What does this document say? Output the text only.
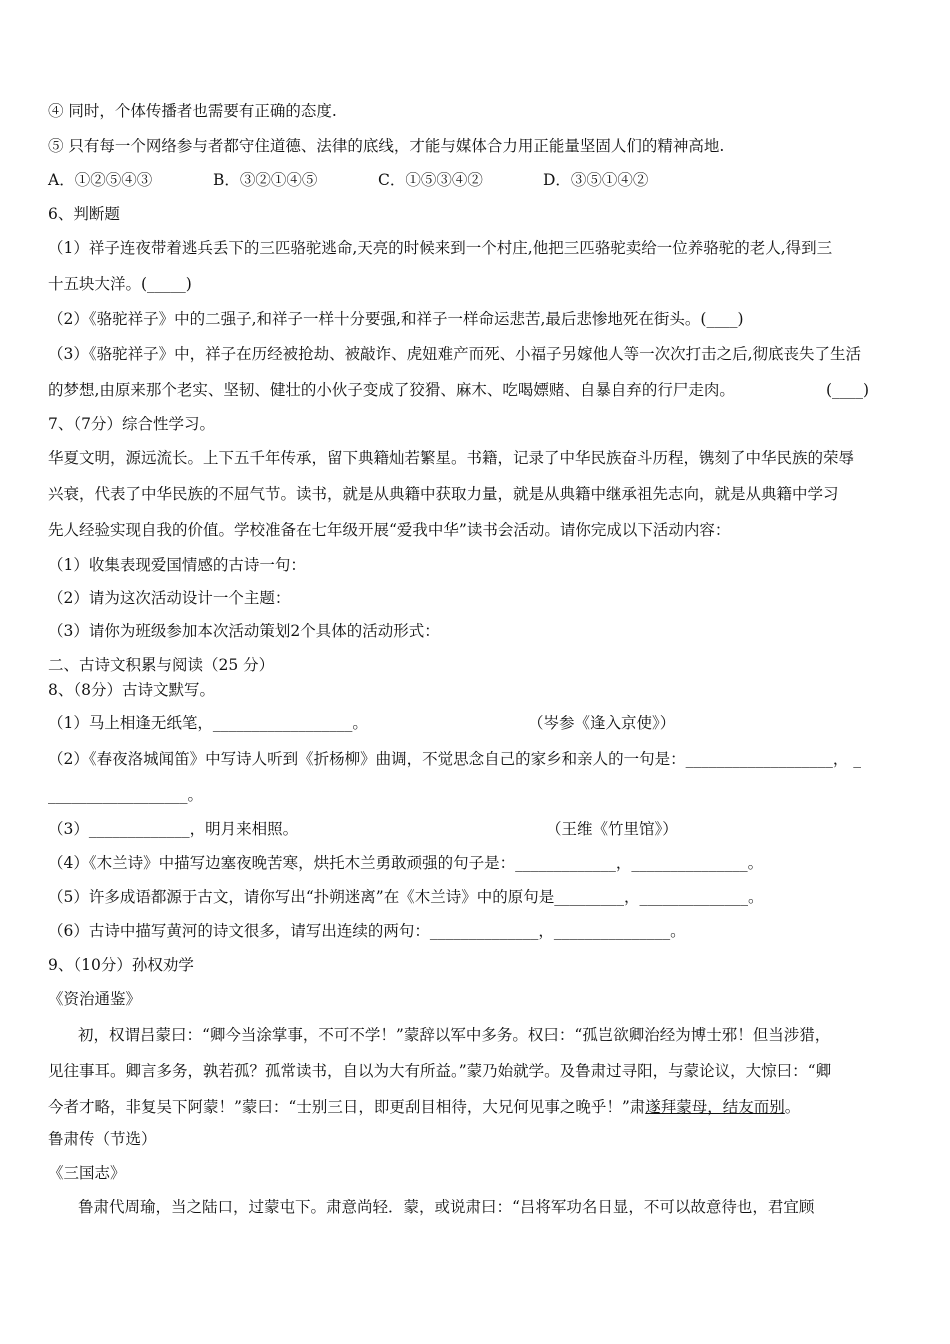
④ 同时，个体传播者也需要有正确的态度.
⑤ 只有每一个网络参与者都守住道德、法律的底线，才能与媒体合力用正能量坚固人们的精神高地.
A．①②⑤④③	B．③②①④⑤	C．①⑤③④②	D．③⑤①④②
6、判断题
（1）祥子连夜带着逃兵丢下的三匹骆驼逃命,天亮的时候来到一个村庄,他把三匹骆驼卖给一位养骆驼的老人,得到三
十五块大洋。(_____)
（2）《骆驼祥子》中的二强子,和祥子一样十分要强,和祥子一样命运悲苦,最后悲惨地死在街头。(____)
（3）《骆驼祥子》中，祥子在历经被抢劫、被敲诈、虎妞难产而死、小福子另嫁他人等一次次打击之后,彻底丧失了生活
的梦想,由原来那个老实、坚韧、健壮的小伙子变成了狡猾、麻木、吃喝嫖赌、自暴自弃的行尸走肉。	(____)
7、（7分）综合性学习。
华夏文明，源远流长。上下五千年传承，留下典籍灿若繁星。书籍，记录了中华民族奋斗历程，镌刻了中华民族的荣辱
兴衰，代表了中华民族的不屈气节。读书，就是从典籍中获取力量，就是从典籍中继承祖先志向，就是从典籍中学习
先人经验实现自我的价值。学校准备在七年级开展“爱我中华”读书会活动。请你完成以下活动内容：
（1）收集表现爱国情感的古诗一句：
（2）请为这次活动设计一个主题：
（3）请你为班级参加本次活动策划2个具体的活动形式：
二、古诗文积累与阅读（25 分）
8、（8分）古诗文默写。
（1）马上相逢无纸笔，__________________。	（岑参《逢入京使》）
（2）《春夜洛城闻笛》中写诗人听到《折杨柳》曲调，不觉思念自己的家乡和亲人的一句是：___________________， _
__________________。
（3）_____________，明月来相照。	（王维《竹里馆》）
（4）《木兰诗》中描写边塞夜晚苦寒，烘托木兰勇敢顽强的句子是：_____________，_______________。
（5）许多成语都源于古文，请你写出“扑朔迷离”在《木兰诗》中的原句是_________，______________。
（6）古诗中描写黄河的诗文很多，请写出连续的两句：______________，_______________。
9、（10分）孙权劝学
《资治通鉴》
初，权谓吕蒙曰：“卿今当涂掌事，不可不学！”蒙辞以军中多务。权曰：“孤岂欲卿治经为博士邪！但当涉猎，
见往事耳。卿言多务，孰若孤？孤常读书，自以为大有所益。”蒙乃始就学。及鲁肃过寻阳，与蒙论议，大惊曰：“卿
今者才略，非复吴下阿蒙！”蒙曰：“士别三日，即更刮目相待，大兄何见事之晚乎！”肃遂拜蒙母，结友而别。
鲁肃传（节选）
《三国志》
鲁肃代周瑜，当之陆口，过蒙屯下。肃意尚轻．蒙，或说肃曰：“吕将军功名日显，不可以故意待也，君宜顾
